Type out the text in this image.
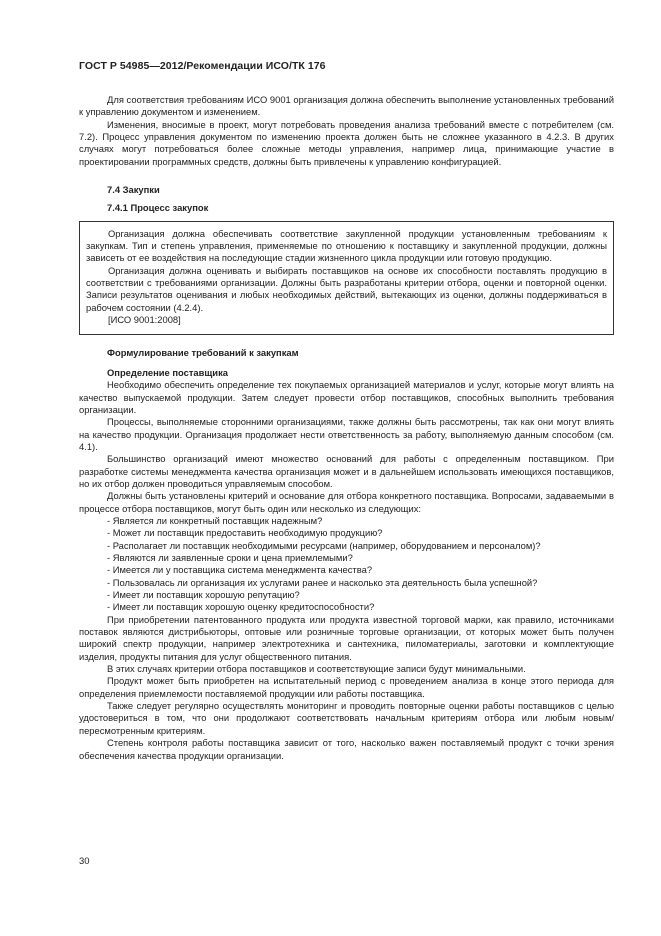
ГОСТ Р 54985—2012/Рекомендации ИСО/ТК 176

Для соответствия требованиям ИСО 9001 организация должна обеспечить выполнение установленных требований к управлению документом и изменением.

Изменения, вносимые в проект, могут потребовать проведения анализа требований вместе с потребителем (см. 7.2). Процесс управления документом по изменению проекта должен быть не сложнее указанного в 4.2.3. В других случаях могут потребоваться более сложные методы управления, например лица, принимающие участие в проектировании программных средств, должны быть привлечены к управлению конфигурацией.

7.4 Закупки

7.4.1 Процесс закупок

Организация должна обеспечивать соответствие закупленной продукции установленным требованиям к закупкам. Тип и степень управления, применяемые по отношению к поставщику и закупленной продукции, должны зависеть от ее воздействия на последующие стадии жизненного цикла продукции или готовую продукцию.

Организация должна оценивать и выбирать поставщиков на основе их способности поставлять продукцию в соответствии с требованиями организации. Должны быть разработаны критерии отбора, оценки и повторной оценки. Записи результатов оценивания и любых необходимых действий, вытекающих из оценки, должны поддерживаться в рабочем состоянии (4.2.4).

[ИСО 9001:2008]

Формулирование требований к закупкам

Определение поставщика

Необходимо обеспечить определение тех покупаемых организацией материалов и услуг, которые могут влиять на качество выпускаемой продукции. Затем следует провести отбор поставщиков, способных выполнить требования организации.

Процессы, выполняемые сторонними организациями, также должны быть рассмотрены, так как они могут влиять на качество продукции. Организация продолжает нести ответственность за работу, выполняемую данным способом (см. 4.1).

Большинство организаций имеют множество оснований для работы с определенным поставщиком. При разработке системы менеджмента качества организация может и в дальнейшем использовать имеющихся поставщиков, но их отбор должен проводиться управляемым способом.

Должны быть установлены критерий и основание для отбора конкретного поставщика. Вопросами, задаваемыми в процессе отбора поставщиков, могут быть один или несколько из следующих:

- Является ли конкретный поставщик надежным?
- Может ли поставщик предоставить необходимую продукцию?
- Располагает ли поставщик необходимыми ресурсами (например, оборудованием и персоналом)?
- Являются ли заявленные сроки и цена приемлемыми?
- Имеется ли у поставщика система менеджмента качества?
- Пользовалась ли организация их услугами ранее и насколько эта деятельность была успешной?
- Имеет ли поставщик хорошую репутацию?
- Имеет ли поставщик хорошую оценку кредитоспособности?

При приобретении патентованного продукта или продукта известной торговой марки, как правило, источниками поставок являются дистрибьюторы, оптовые или розничные торговые организации, от которых может быть получен широкий спектр продукции, например электротехника и сантехника, пиломатериалы, заготовки и комплектующие изделия, продукты питания для услуг общественного питания.

В этих случаях критерии отбора поставщиков и соответствующие записи будут минимальными.

Продукт может быть приобретен на испытательный период с проведением анализа в конце этого периода для определения приемлемости поставляемой продукции или работы поставщика.

Также следует регулярно осуществлять мониторинг и проводить повторные оценки работы поставщиков с целью удостовериться в том, что они продолжают соответствовать начальным критериям отбора или любым новым/пересмотренным критериям.

Степень контроля работы поставщика зависит от того, насколько важен поставляемый продукт с точки зрения обеспечения качества продукции организации.

30
